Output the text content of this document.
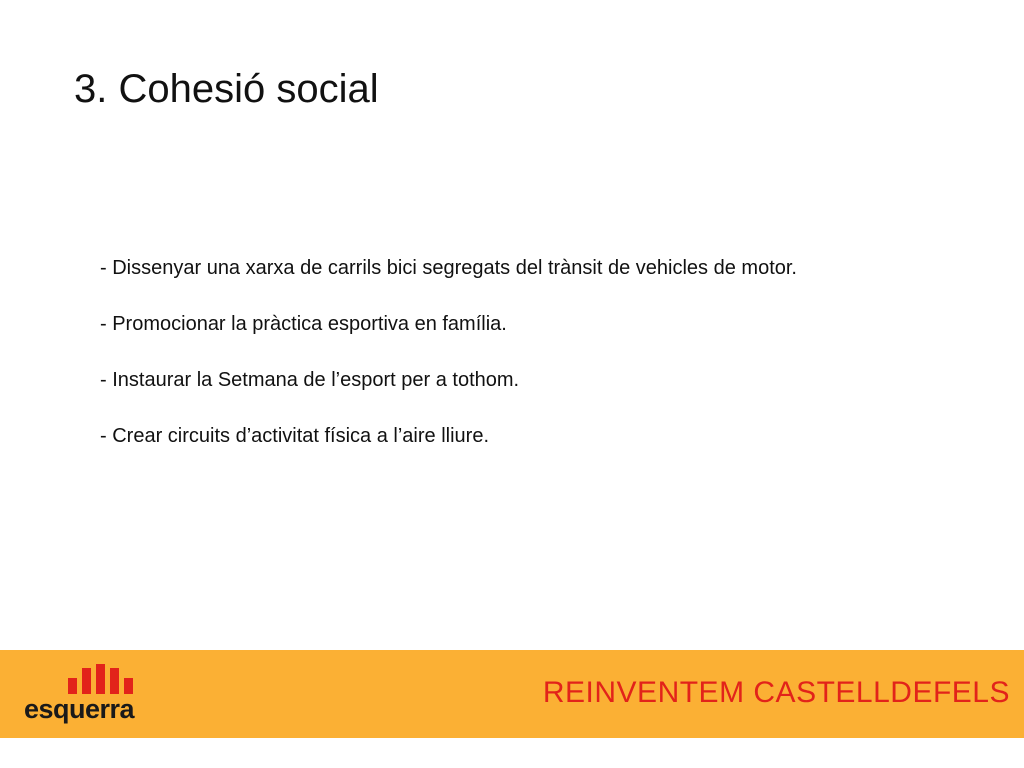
3. Cohesió social

- Dissenyar una xarxa de carrils bici segregats del trànsit de vehicles de motor.

- Promocionar la pràctica esportiva en família.

- Instaurar la Setmana de l’esport per a tothom.

- Crear circuits d’activitat física a l’aire lliure.

esquerra	REINVENTEM CASTELLDEFELS
